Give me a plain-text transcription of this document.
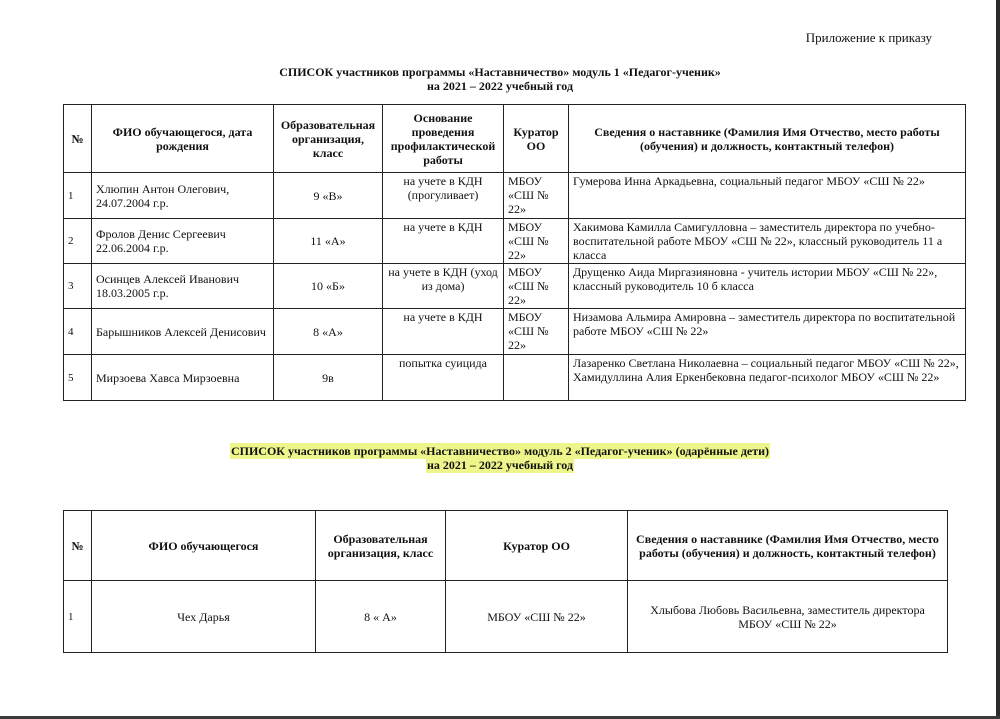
Приложение к приказу
СПИСОК участников программы «Наставничество» модуль 1 «Педагог-ученик»
на 2021 – 2022 учебный год
№	ФИО обучающегося, дата рождения	Образовательная организация, класс	Основание проведения профилактической работы	Куратор ОО	Сведения о наставнике (Фамилия Имя Отчество, место работы (обучения) и должность, контактный телефон)
1	Хлюпин Антон Олегович, 24.07.2004 г.р.	9 «В»	на учете в КДН (прогуливает)	МБОУ «СШ № 22»	Гумерова Инна Аркадьевна, социальный педагог МБОУ «СШ № 22»
2	Фролов Денис Сергеевич 22.06.2004 г.р.	11 «А»	на учете в КДН	МБОУ «СШ № 22»	Хакимова Камилла Самигулловна – заместитель директора по учебно-воспитательной работе МБОУ «СШ № 22», классный руководитель 11 а класса
3	Осинцев Алексей Иванович 18.03.2005 г.р.	10 «Б»	на учете в КДН (уход из дома)	МБОУ «СШ № 22»	Друщенко Аида Миргазияновна - учитель истории МБОУ «СШ № 22», классный руководитель 10 б класса
4	Барышников Алексей Денисович	8 «А»	на учете в КДН	МБОУ «СШ № 22»	Низамова Альмира Амировна – заместитель директора по воспитательной работе МБОУ «СШ № 22»
5	Мирзоева Хавса Мирзоевна	9в	попытка суицида		Лазаренко Светлана Николаевна – социальный педагог МБОУ «СШ № 22», Хамидуллина Алия Еркенбековна педагог-психолог МБОУ «СШ № 22»
СПИСОК участников программы «Наставничество» модуль 2 «Педагог-ученик» (одарённые дети)
на 2021 – 2022 учебный год
№	ФИО обучающегося	Образовательная организация, класс	Куратор ОО	Сведения о наставнике (Фамилия Имя Отчество, место работы (обучения) и должность, контактный телефон)
1	Чех Дарья	8 « А»	МБОУ «СШ № 22»	Хлыбова Любовь Васильевна, заместитель директора МБОУ «СШ № 22»
